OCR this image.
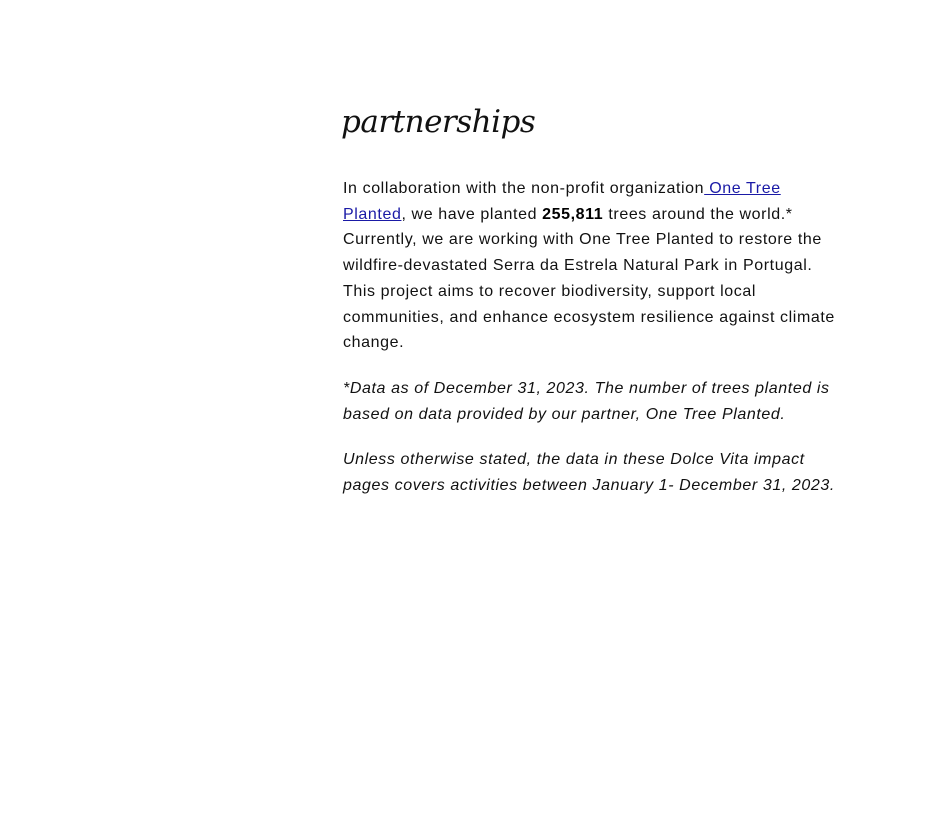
partnerships

In collaboration with the non-profit organization One Tree Planted, we have planted 255,811 trees around the world.* Currently, we are working with One Tree Planted to restore the wildfire-devastated Serra da Estrela Natural Park in Portugal. This project aims to recover biodiversity, support local communities, and enhance ecosystem resilience against climate change.

*Data as of December 31, 2023. The number of trees planted is based on data provided by our partner, One Tree Planted.

Unless otherwise stated, the data in these Dolce Vita impact pages covers activities between January 1- December 31, 2023.
